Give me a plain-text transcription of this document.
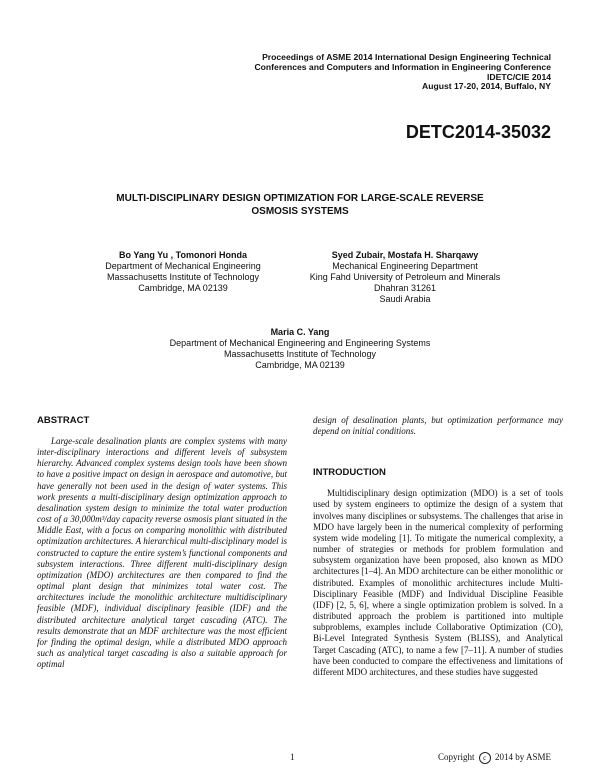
Proceedings of ASME 2014 International Design Engineering Technical
Conferences and Computers and Information in Engineering Conference
IDETC/CIE 2014
August 17-20, 2014, Buffalo, NY
DETC2014-35032
MULTI-DISCIPLINARY DESIGN OPTIMIZATION FOR LARGE-SCALE REVERSE
OSMOSIS SYSTEMS
Bo Yang Yu , Tomonori Honda
Department of Mechanical Engineering
Massachusetts Institute of Technology
Cambridge, MA 02139
Syed Zubair, Mostafa H. Sharqawy
Mechanical Engineering Department
King Fahd University of Petroleum and Minerals
Dhahran 31261
Saudi Arabia
Maria C. Yang
Department of Mechanical Engineering and Engineering Systems
Massachusetts Institute of Technology
Cambridge, MA 02139
ABSTRACT

Large-scale desalination plants are complex systems with many inter-disciplinary interactions and different levels of subsystem hierarchy. Advanced complex systems design tools have been shown to have a positive impact on design in aerospace and automotive, but have generally not been used in the design of water systems. This work presents a multi-disciplinary design optimization approach to desalination system design to minimize the total water production cost of a 30,000m³/day capacity reverse osmosis plant situated in the Middle East, with a focus on comparing monolithic with distributed optimization architectures. A hierarchical multi-disciplinary model is constructed to capture the entire system’s functional components and subsystem interactions. Three different multi-disciplinary design optimization (MDO) architectures are then compared to find the optimal plant design that minimizes total water cost. The architectures include the monolithic architecture multidisciplinary feasible (MDF), individual disciplinary feasible (IDF) and the distributed architecture analytical target cascading (ATC). The results demonstrate that an MDF architecture was the most efficient for finding the optimal design, while a distributed MDO approach such as analytical target cascading is also a suitable approach for optimal

design of desalination plants, but optimization performance may depend on initial conditions.

INTRODUCTION

Multidisciplinary design optimization (MDO) is a set of tools used by system engineers to optimize the design of a system that involves many disciplines or subsystems. The challenges that arise in MDO have largely been in the numerical complexity of performing system wide modeling [1]. To mitigate the numerical complexity, a number of strategies or methods for problem formulation and subsystem organization have been proposed, also known as MDO architectures [1–4]. An MDO architecture can be either monolithic or distributed. Examples of monolithic architectures include Multi-Disciplinary Feasible (MDF) and Individual Discipline Feasible (IDF) [2, 5, 6], where a single optimization problem is solved. In a distributed approach the problem is partitioned into multiple subproblems, examples include Collaborative Optimization (CO), Bi-Level Integrated Synthesis System (BLISS), and Analytical Target Cascading (ATC), to name a few [7–11]. A number of studies have been conducted to compare the effectiveness and limitations of different MDO architectures, and these studies have suggested

1	Copyright c 2014 by ASME
